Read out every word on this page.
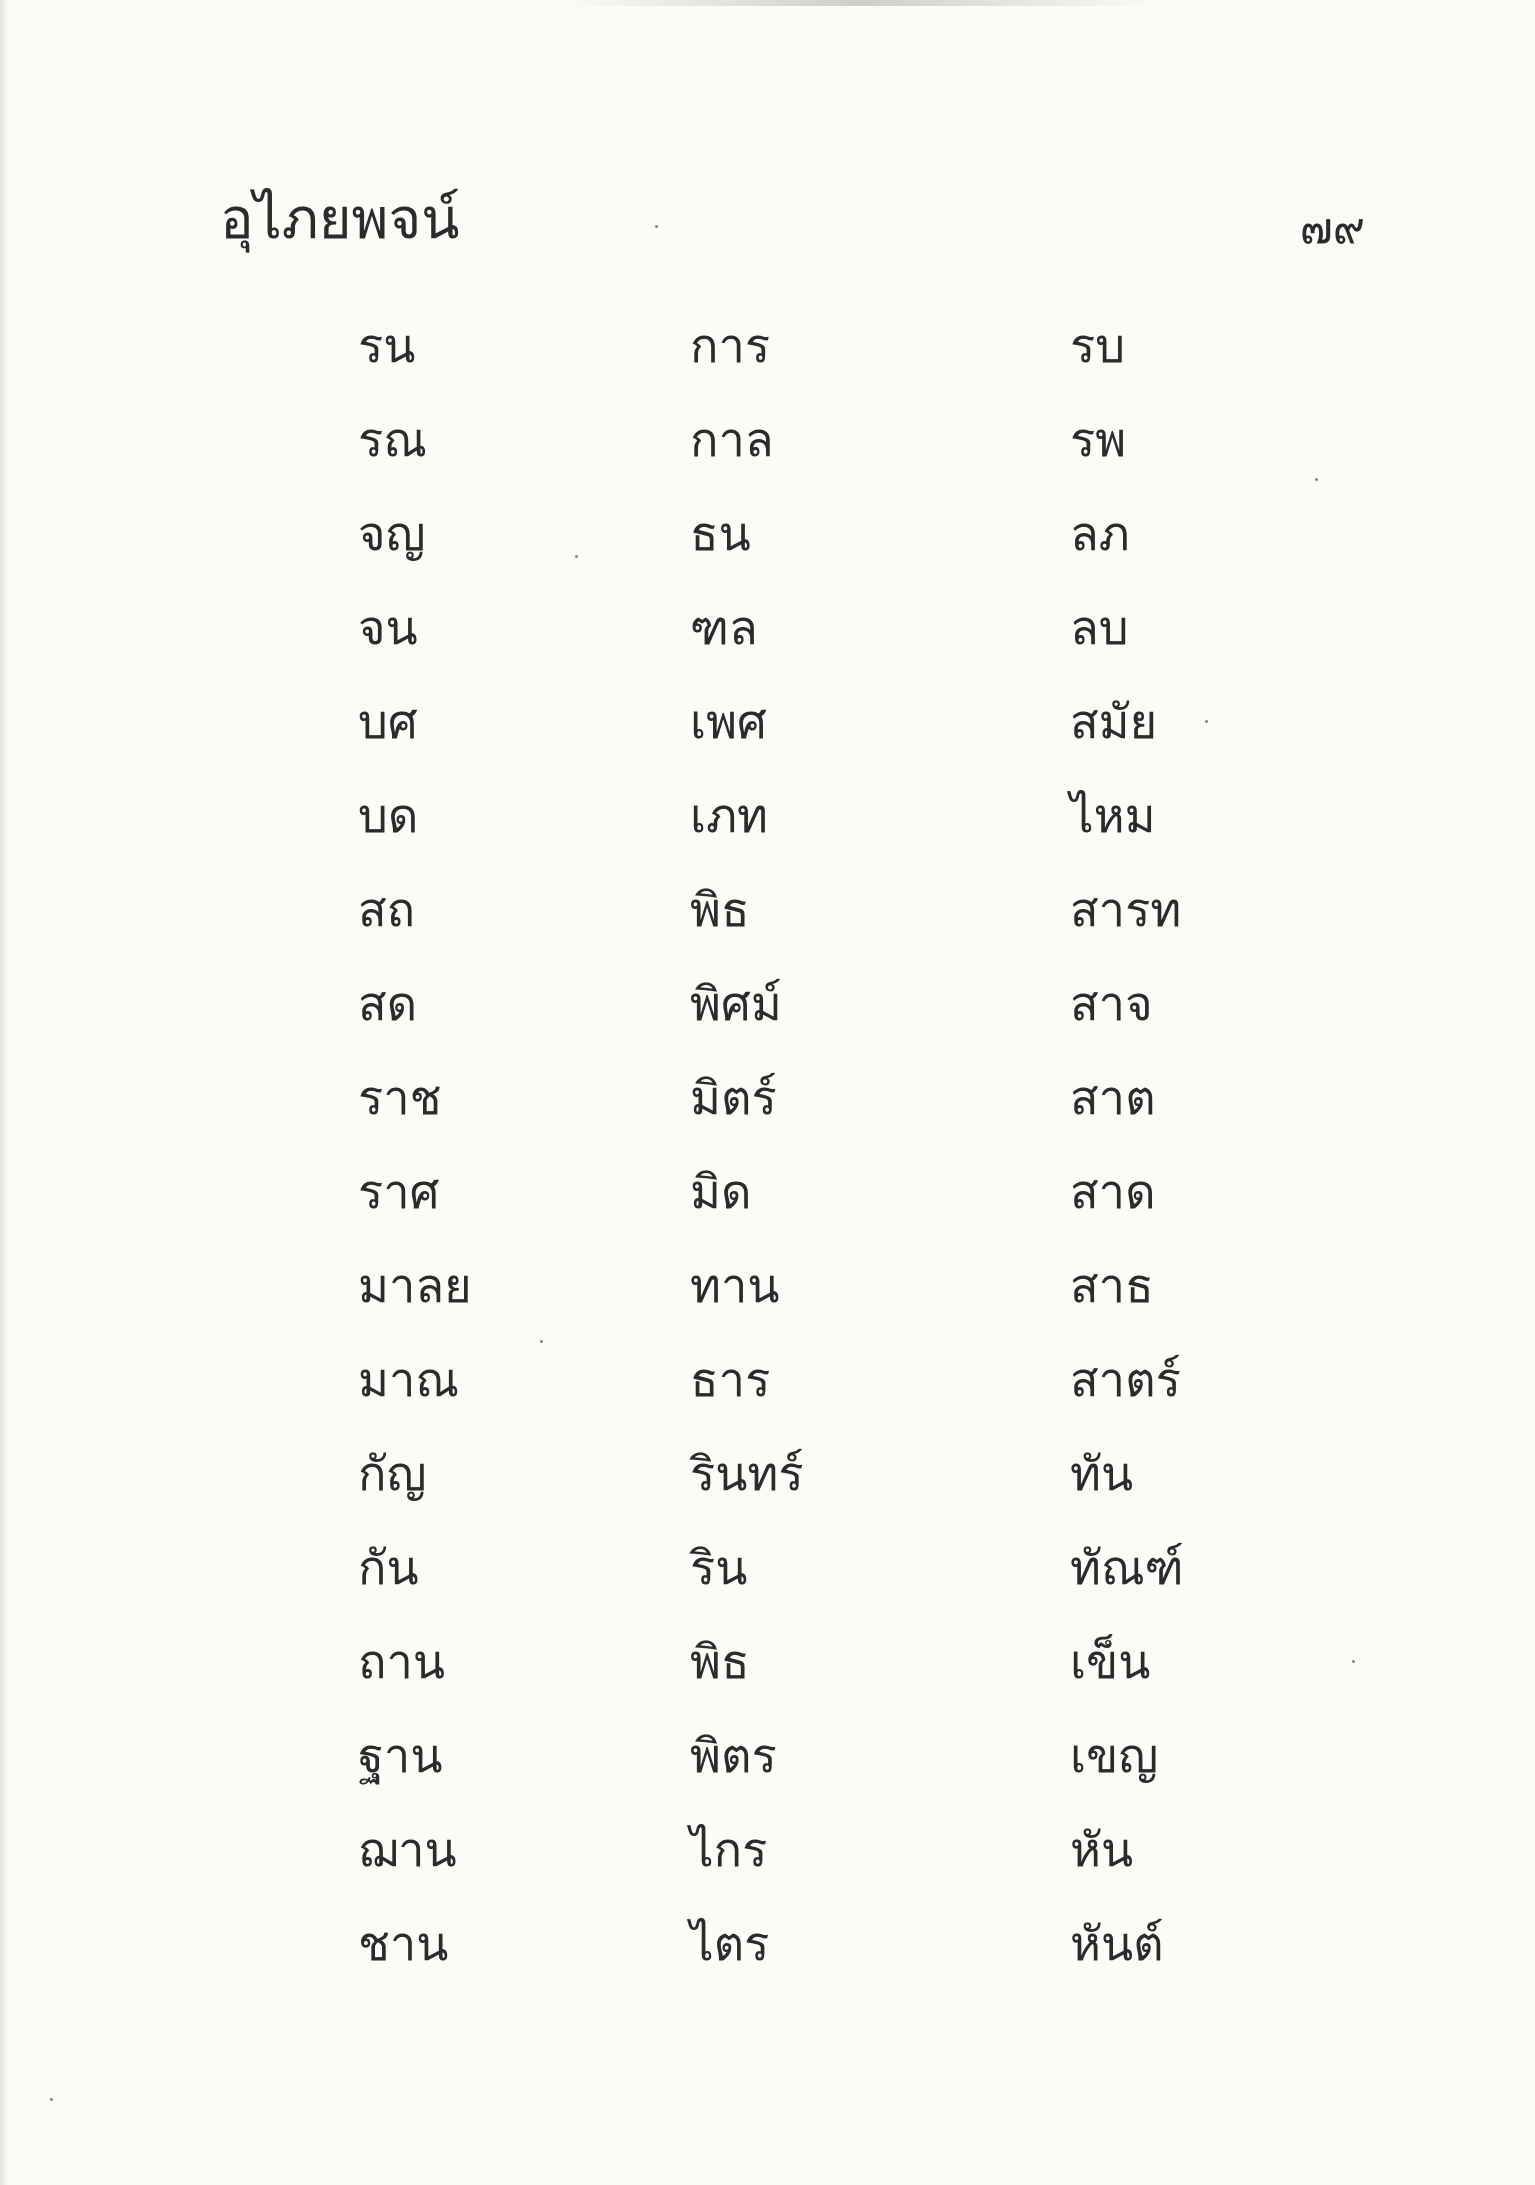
อุไภยพจน์	๗๙
รน	การ	รบ
รณ	กาล	รพ
จญ	ธน	ลภ
จน	ฑล	ลบ
บศ	เพศ	สมัย
บด	เภท	ไหม
สถ	พิธ	สารท
สด	พิศม์	สาจ
ราช	มิตร์	สาต
ราศ	มิด	สาด
มาลย	ทาน	สาธ
มาณ	ธาร	สาตร์
กัญ	รินทร์	ทัน
กัน	ริน	ทัณฑ์
ถาน	พิธ	เข็น
ฐาน	พิตร	เขญ
ฌาน	ไกร	หัน
ชาน	ไตร	หันต์
